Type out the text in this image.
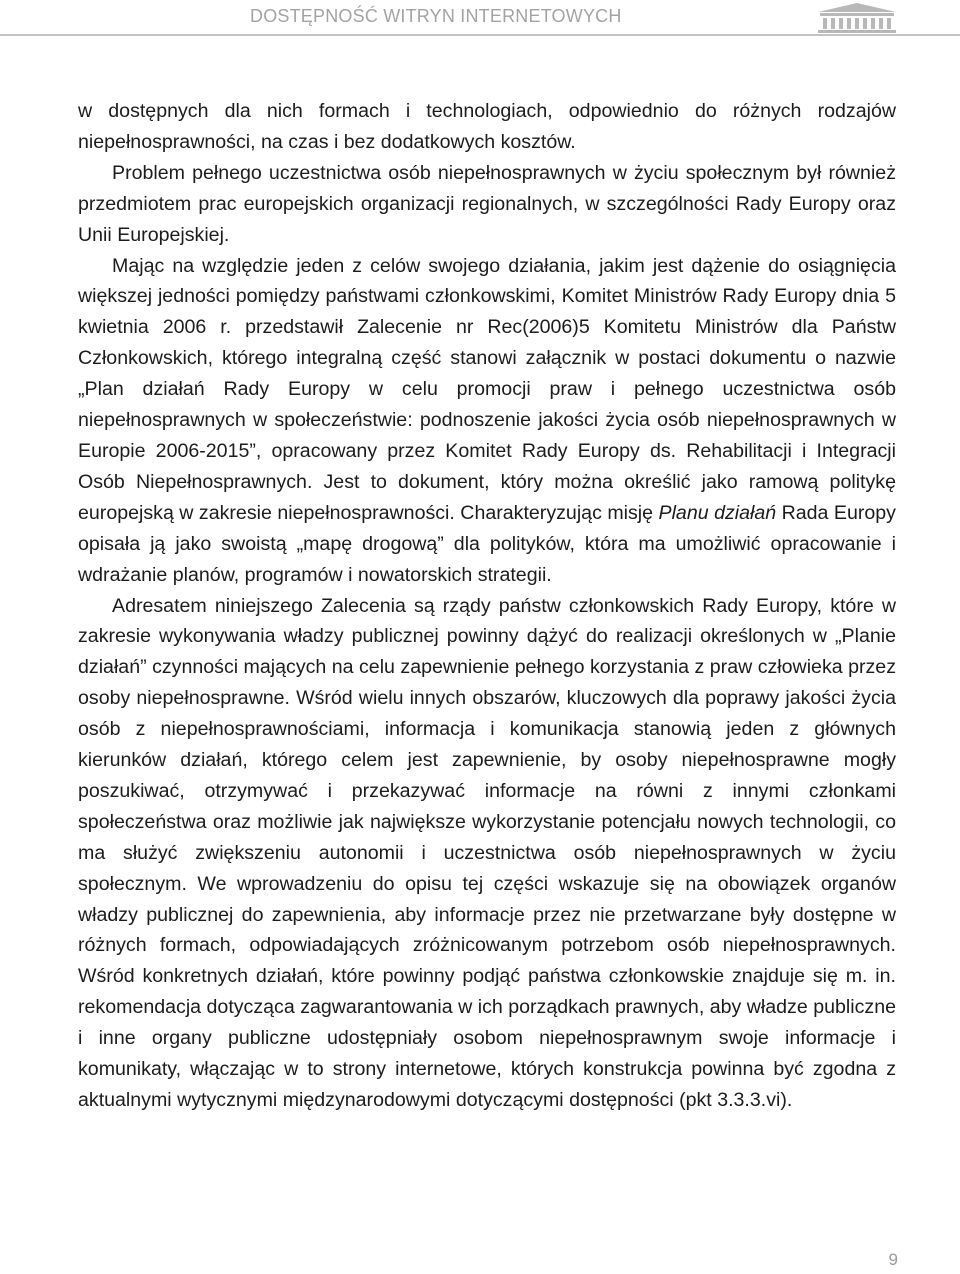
DOSTĘPNOŚĆ WITRYN INTERNETOWYCH

w dostępnych dla nich formach i technologiach, odpowiednio do różnych rodzajów niepełnosprawności, na czas i bez dodatkowych kosztów.

Problem pełnego uczestnictwa osób niepełnosprawnych w życiu społecznym był również przedmiotem prac europejskich organizacji regionalnych, w szczególności Rady Europy oraz Unii Europejskiej.

Mając na względzie jeden z celów swojego działania, jakim jest dążenie do osiągnięcia większej jedności pomiędzy państwami członkowskimi, Komitet Ministrów Rady Europy dnia 5 kwietnia 2006 r. przedstawił Zalecenie nr Rec(2006)5 Komitetu Ministrów dla Państw Członkowskich, którego integralną część stanowi załącznik w postaci dokumentu o nazwie „Plan działań Rady Europy w celu promocji praw i pełnego uczestnictwa osób niepełnosprawnych w społeczeństwie: podnoszenie jakości życia osób niepełnosprawnych w Europie 2006-2015”, opracowany przez Komitet Rady Europy ds. Rehabilitacji i Integracji Osób Niepełnosprawnych. Jest to dokument, który można określić jako ramową politykę europejską w zakresie niepełnosprawności. Charakteryzując misję Planu działań Rada Europy opisała ją jako swoistą „mapę drogową” dla polityków, która ma umożliwić opracowanie i wdrażanie planów, programów i nowatorskich strategii.

Adresatem niniejszego Zalecenia są rządy państw członkowskich Rady Europy, które w zakresie wykonywania władzy publicznej powinny dążyć do realizacji określonych w „Planie działań” czynności mających na celu zapewnienie pełnego korzystania z praw człowieka przez osoby niepełnosprawne. Wśród wielu innych obszarów, kluczowych dla poprawy jakości życia osób z niepełnosprawnościami, informacja i komunikacja stanowią jeden z głównych kierunków działań, którego celem jest zapewnienie, by osoby niepełnosprawne mogły poszukiwać, otrzymywać i przekazywać informacje na równi z innymi członkami społeczeństwa oraz możliwie jak największe wykorzystanie potencjału nowych technologii, co ma służyć zwiększeniu autonomii i uczestnictwa osób niepełnosprawnych w życiu społecznym. We wprowadzeniu do opisu tej części wskazuje się na obowiązek organów władzy publicznej do zapewnienia, aby informacje przez nie przetwarzane były dostępne w różnych formach, odpowiadających zróżnicowanym potrzebom osób niepełnosprawnych. Wśród konkretnych działań, które powinny podjąć państwa członkowskie znajduje się m. in. rekomendacja dotycząca zagwarantowania w ich porządkach prawnych, aby władze publiczne i inne organy publiczne udostępniały osobom niepełnosprawnym swoje informacje i komunikaty, włączając w to strony internetowe, których konstrukcja powinna być zgodna z aktualnymi wytycznymi międzynarodowymi dotyczącymi dostępności (pkt 3.3.3.vi).

9
